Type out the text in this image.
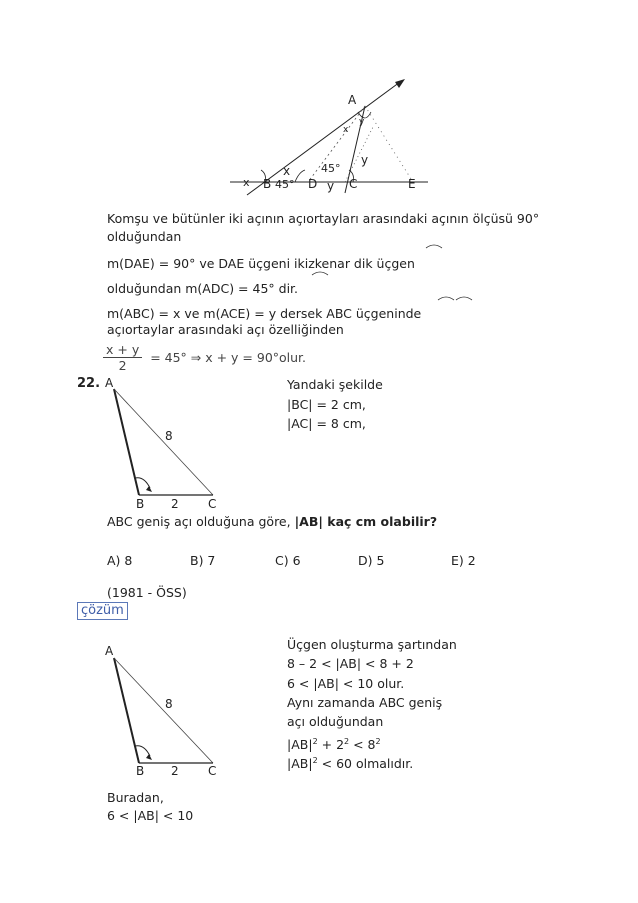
A
x
B 45° D y C	E
x
45°
y
x
y
Komşu ve bütünler iki açının açıortayları arasındaki açının ölçüsü 90°
olduğundan
m(DAE) = 90° ve DAE üçgeni ikizkenar dik üçgen
olduğundan m(ADC) = 45° dir.
m(ABC) = x ve m(ACE) = y dersek ABC üçgeninde
açıortaylar arasındaki açı özelliğinden
$\frac{x + y}{2} = 45^\circ$ ⇒ x + y = 90°olur.
22. A
B	C
8
2
Yandaki şekilde
|BC| = 2 cm,
|AC| = 8 cm,
ABC geniş açı olduğuna göre, |AB| kaç cm olabilir?
A) 8	B) 7	C) 6	D) 5	E) 2
(1981 - ÖSS)
çözüm
A
B	C
8
2
Üçgen oluşturma şartından
8 – 2 < |AB| < 8 + 2
6 < |AB| < 10 olur.
Aynı zamanda ABC geniş
açı olduğundan
$|AB|^2 + 2^2 < 8^2$
$|AB|^2 < 60$ olmalıdır.
Buradan,
6 < |AB| < 10
